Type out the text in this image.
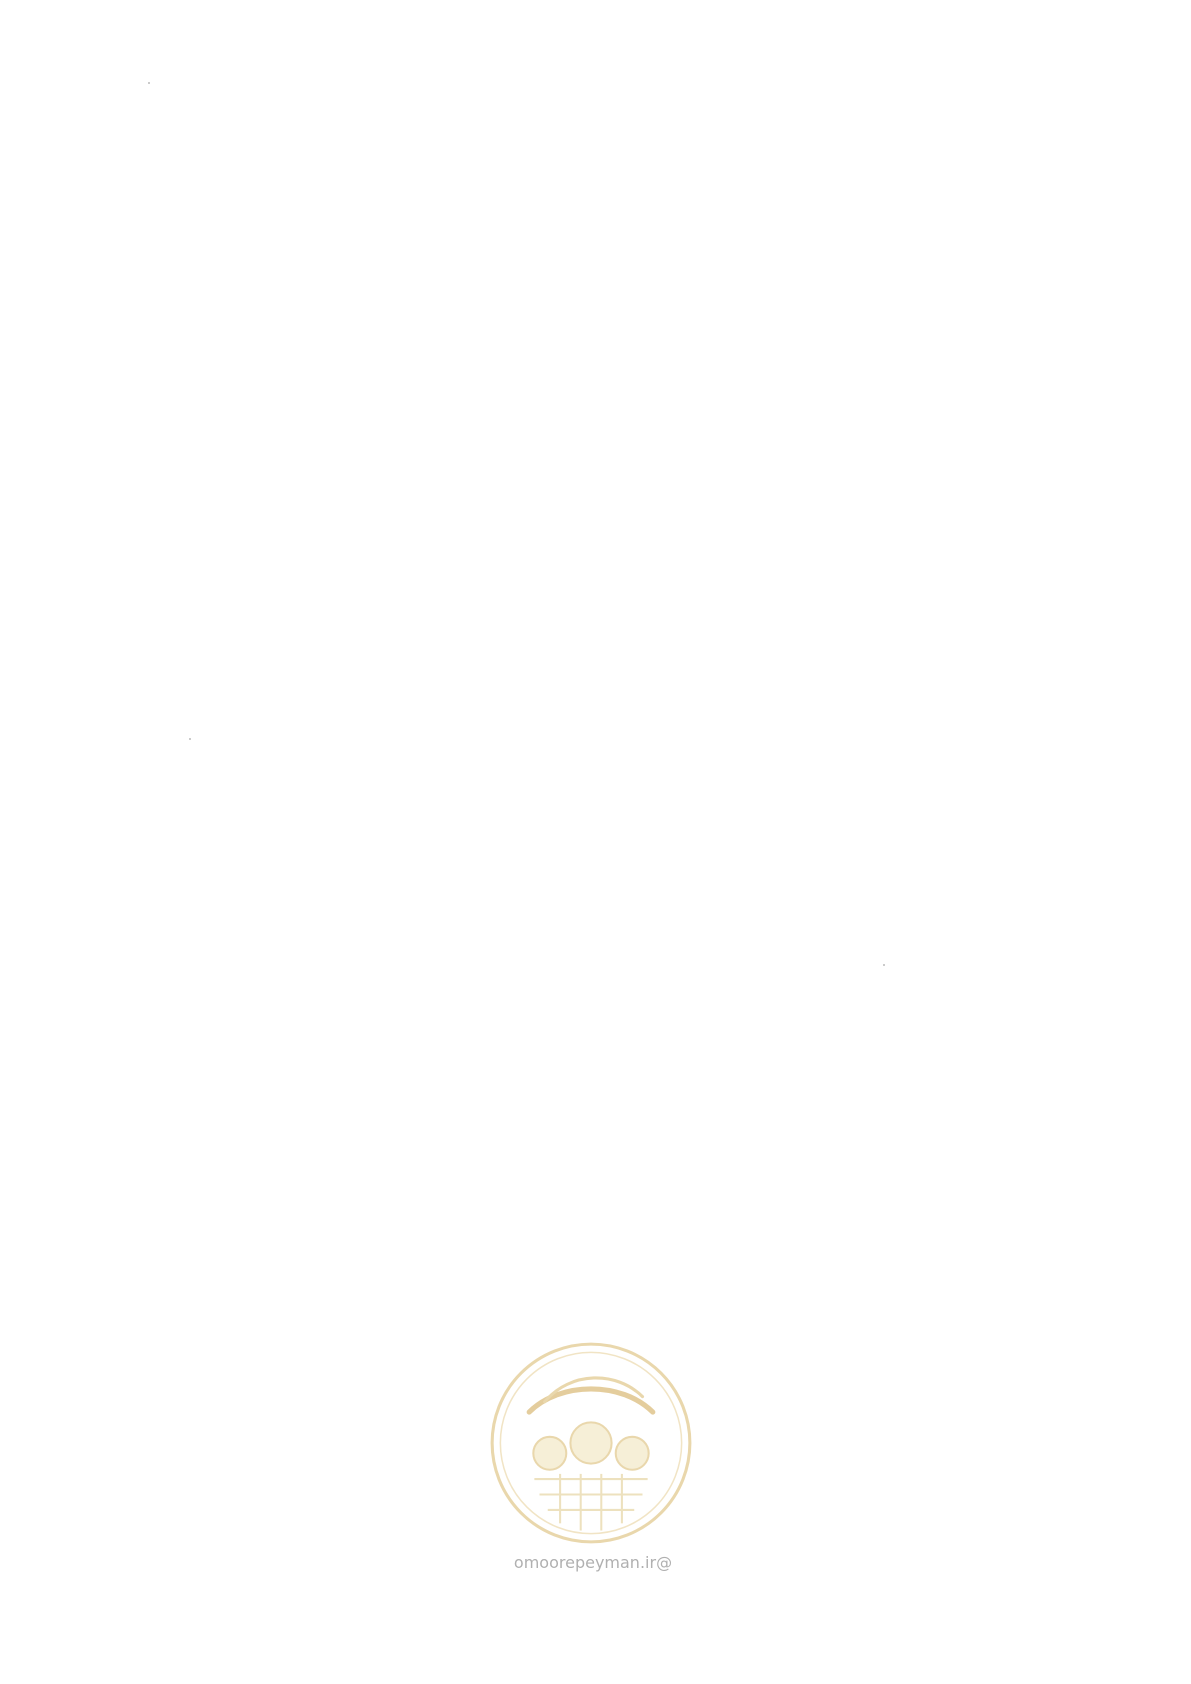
@omoorepeyman.ir
